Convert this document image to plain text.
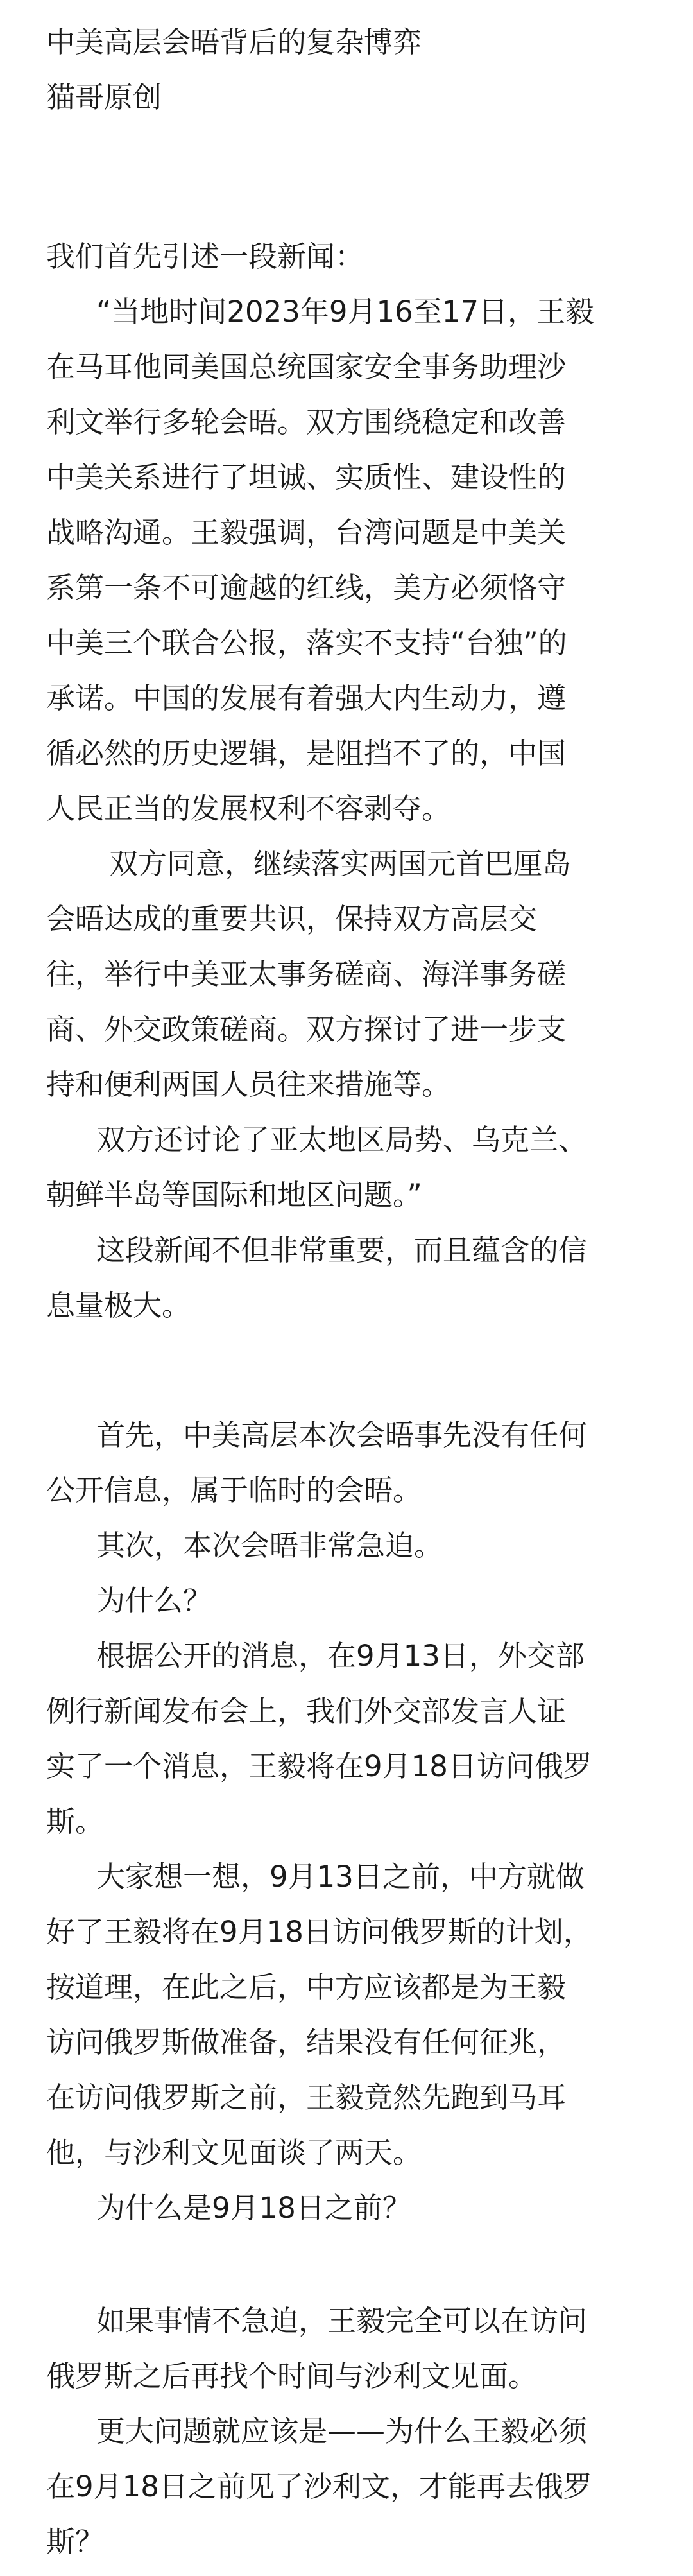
中美高层会晤背后的复杂博弈
猫哥原创
我们首先引述一段新闻：
“当地时间2023年9月16至17日，王毅
在马耳他同美国总统国家安全事务助理沙
利文举行多轮会晤。双方围绕稳定和改善
中美关系进行了坦诚、实质性、建设性的
战略沟通。王毅强调，台湾问题是中美关
系第一条不可逾越的红线，美方必须恪守
中美三个联合公报，落实不支持“台独”的
承诺。中国的发展有着强大内生动力，遵
循必然的历史逻辑，是阻挡不了的，中国
人民正当的发展权利不容剥夺。
双方同意，继续落实两国元首巴厘岛
会晤达成的重要共识，保持双方高层交
往，举行中美亚太事务磋商、海洋事务磋
商、外交政策磋商。双方探讨了进一步支
持和便利两国人员往来措施等。
双方还讨论了亚太地区局势、乌克兰、
朝鲜半岛等国际和地区问题。”
这段新闻不但非常重要，而且蕴含的信
息量极大。
首先，中美高层本次会晤事先没有任何
公开信息，属于临时的会晤。
其次，本次会晤非常急迫。
为什么？
根据公开的消息，在9月13日，外交部
例行新闻发布会上，我们外交部发言人证
实了一个消息，王毅将在9月18日访问俄罗
斯。
大家想一想，9月13日之前，中方就做
好了王毅将在9月18日访问俄罗斯的计划，
按道理，在此之后，中方应该都是为王毅
访问俄罗斯做准备，结果没有任何征兆，
在访问俄罗斯之前，王毅竟然先跑到马耳
他，与沙利文见面谈了两天。
为什么是9月18日之前？
如果事情不急迫，王毅完全可以在访问
俄罗斯之后再找个时间与沙利文见面。
更大问题就应该是——为什么王毅必须
在9月18日之前见了沙利文，才能再去俄罗
斯？
